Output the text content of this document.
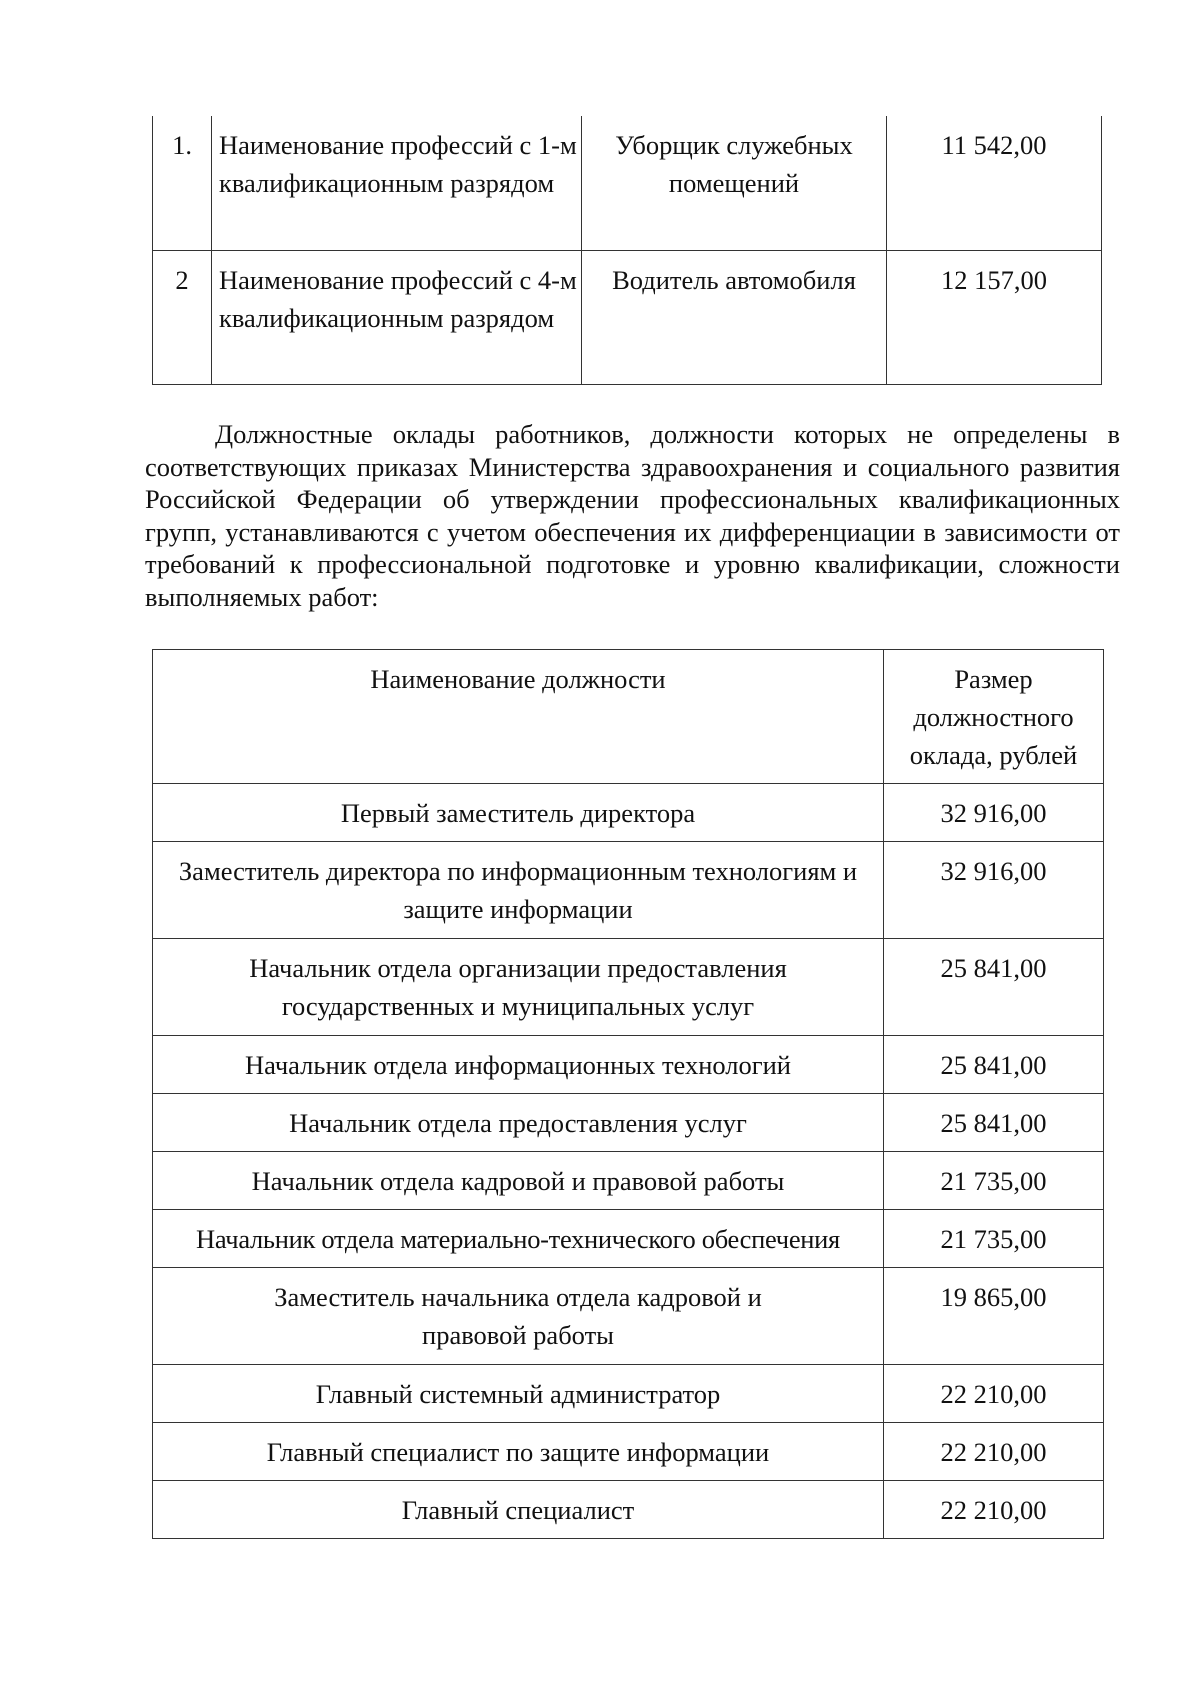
1.	Наименование профессий с 1-м квалификационным разрядом	Уборщик служебных помещений	11 542,00
2	Наименование профессий с 4-м квалификационным разрядом	Водитель автомобиля	12 157,00

Должностные оклады работников, должности которых не определены в соответствующих приказах Министерства здравоохранения и социального развития Российской Федерации об утверждении профессиональных квалификационных групп, устанавливаются с учетом обеспечения их дифференциации в зависимости от требований к профессиональной подготовке и уровню квалификации, сложности выполняемых работ:

Наименование должности	Размер должностного оклада, рублей

Первый заместитель директора	32 916,00

Заместитель директора по информационным технологиям и защите информации	32 916,00

Начальник отдела организации предоставления государственных и муниципальных услуг	25 841,00
Начальник отдела информационных технологий	25 841,00
Начальник отдела предоставления услуг	25 841,00
Начальник отдела кадровой и правовой работы	21 735,00
Начальник отдела материально-технического обеспечения	21 735,00

Заместитель начальника отдела кадровой и правовой работы	19 865,00
Главный системный администратор	22 210,00
Главный специалист по защите информации	22 210,00
Главный специалист	22 210,00
